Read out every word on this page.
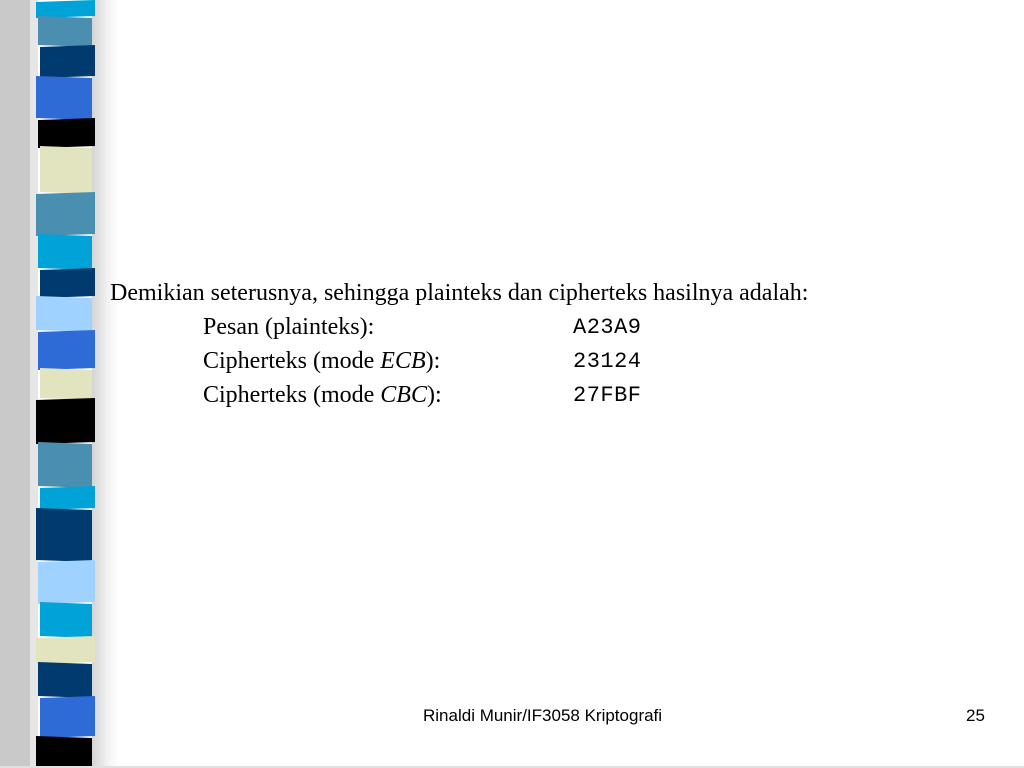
Demikian seterusnya, sehingga plainteks dan cipherteks hasilnya adalah:
Pesan (plainteks):	A23A9
Cipherteks (mode ECB):	23124
Cipherteks (mode CBC):	27FBF
Rinaldi Munir/IF3058 Kriptografi	25
